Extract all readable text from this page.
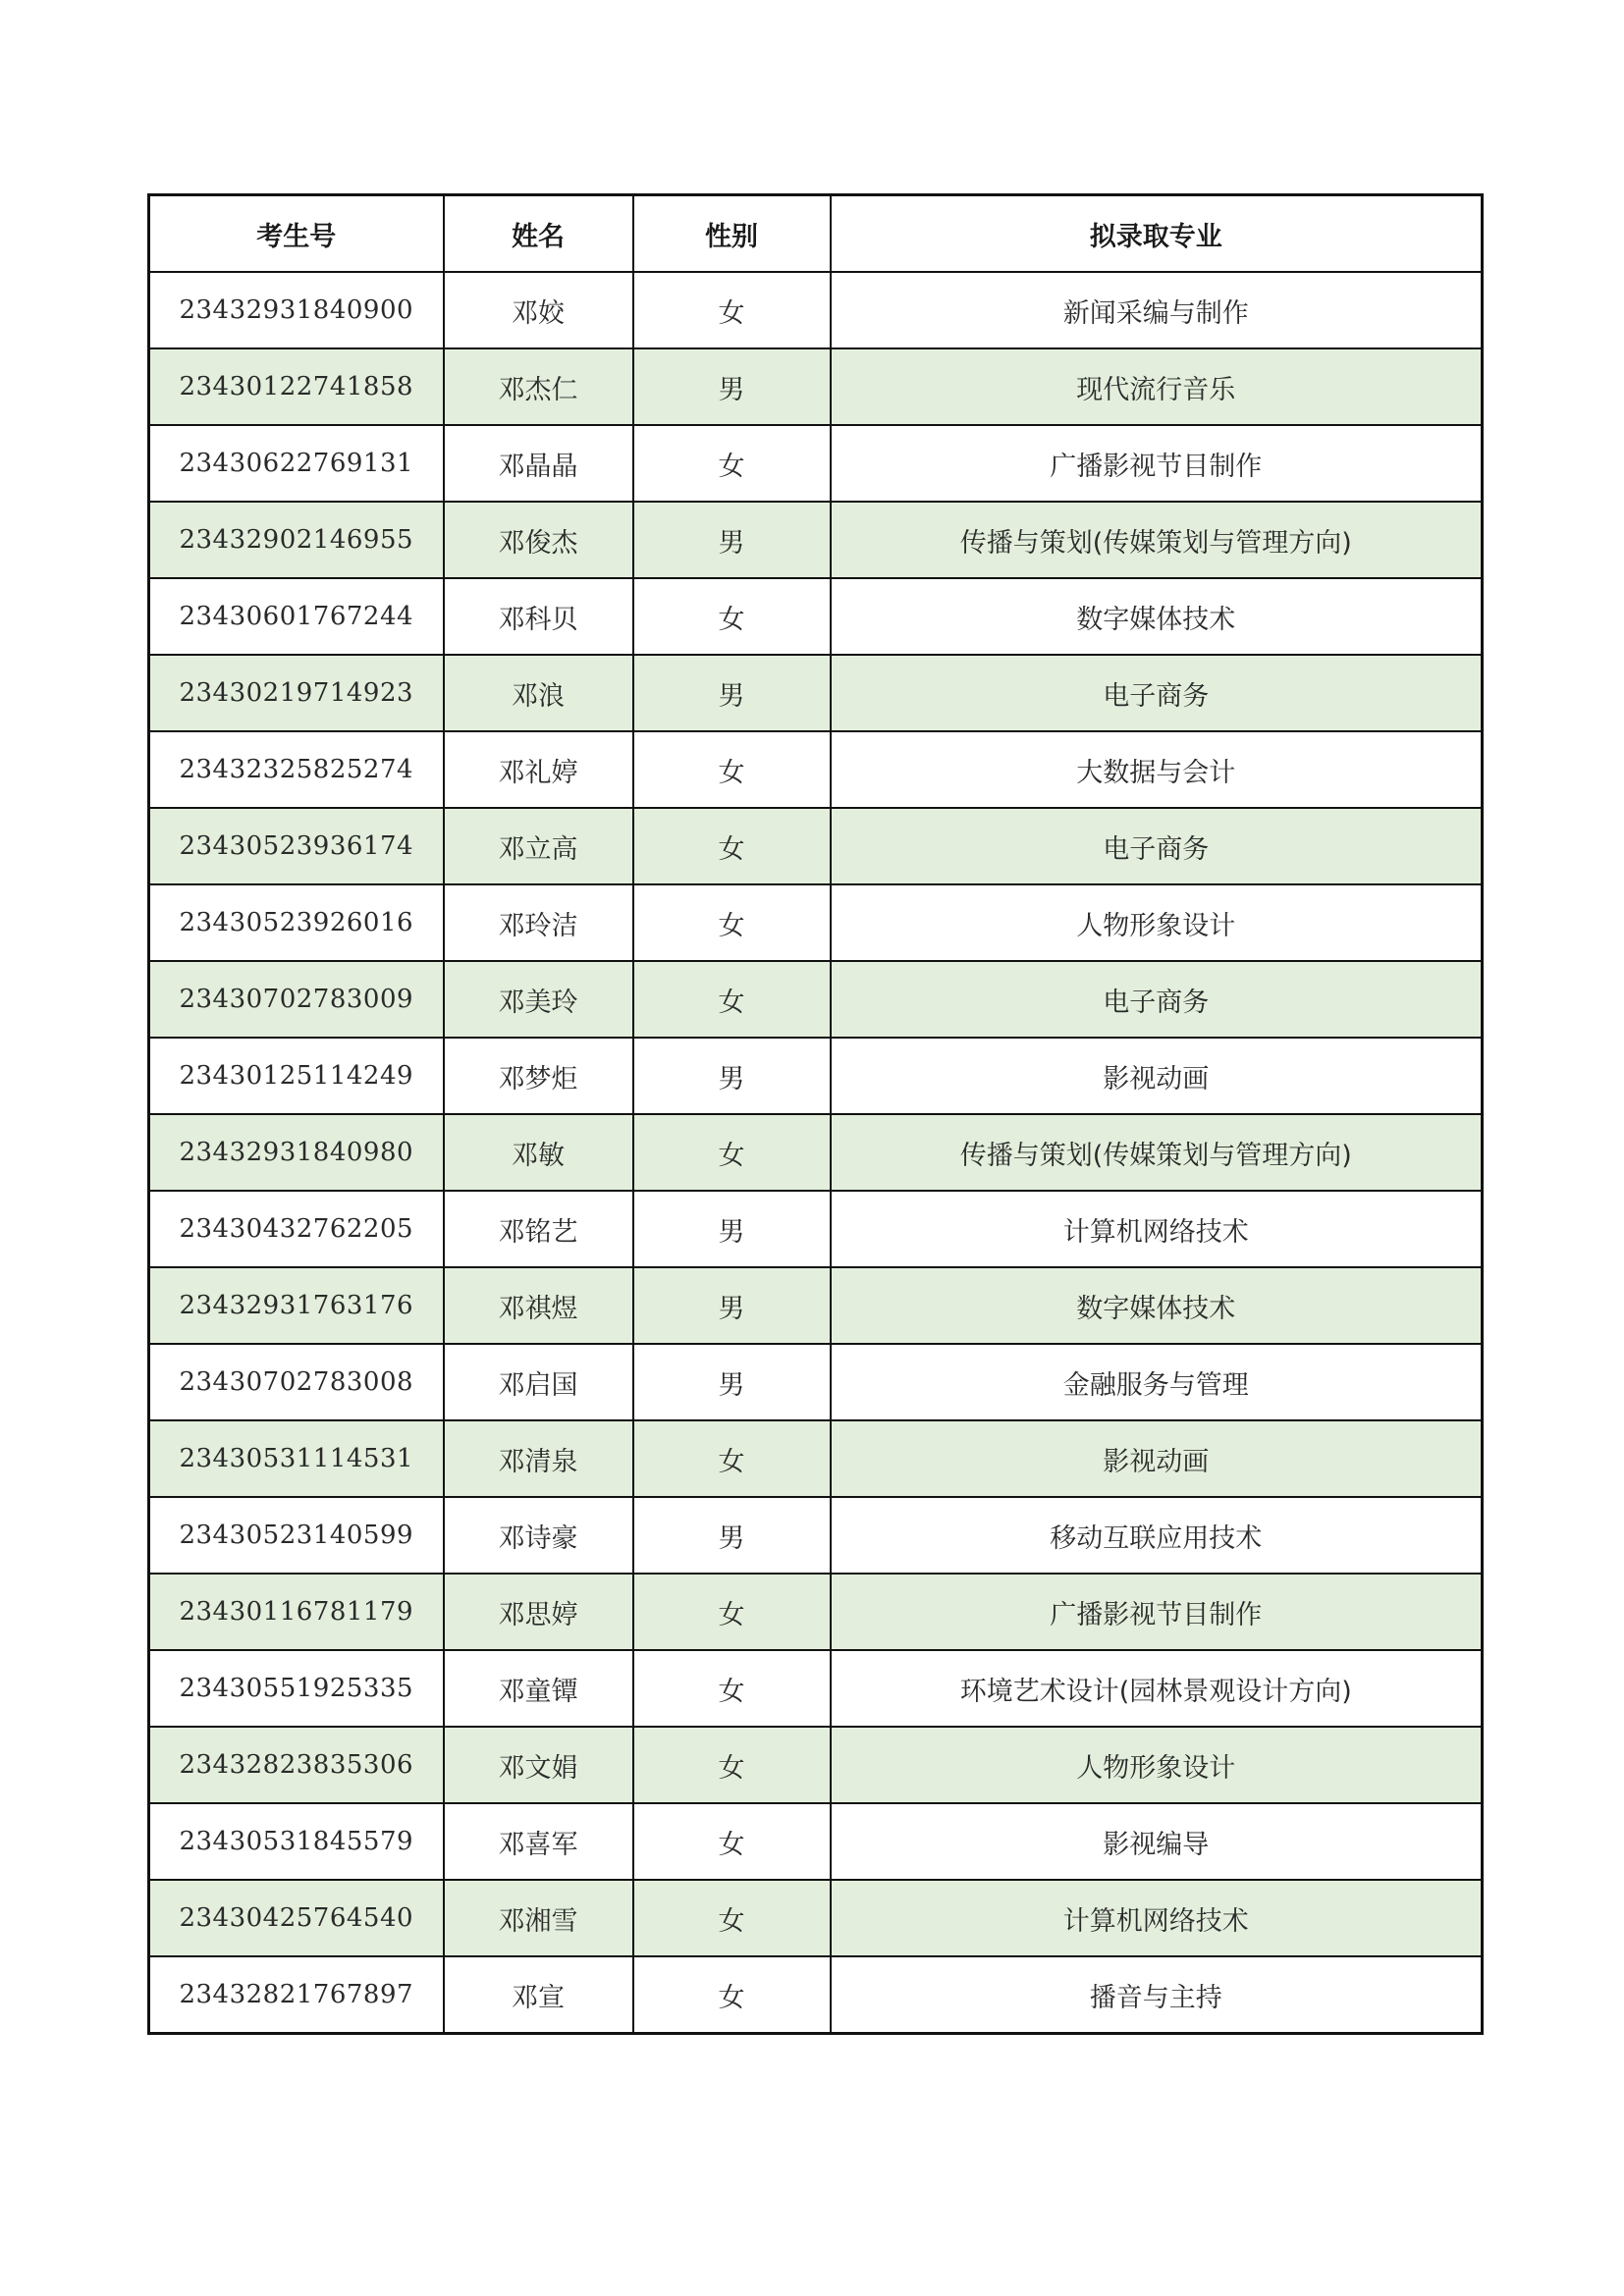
考生号	姓名	性别	拟录取专业
23432931840900	邓姣	女	新闻采编与制作
23430122741858	邓杰仁	男	现代流行音乐
23430622769131	邓晶晶	女	广播影视节目制作
23432902146955	邓俊杰	男	传播与策划(传媒策划与管理方向)
23430601767244	邓科贝	女	数字媒体技术
23430219714923	邓浪	男	电子商务
23432325825274	邓礼婷	女	大数据与会计
23430523936174	邓立高	女	电子商务
23430523926016	邓玲洁	女	人物形象设计
23430702783009	邓美玲	女	电子商务
23430125114249	邓梦炬	男	影视动画
23432931840980	邓敏	女	传播与策划(传媒策划与管理方向)
23430432762205	邓铭艺	男	计算机网络技术
23432931763176	邓祺煜	男	数字媒体技术
23430702783008	邓启国	男	金融服务与管理
23430531114531	邓清泉	女	影视动画
23430523140599	邓诗豪	男	移动互联应用技术
23430116781179	邓思婷	女	广播影视节目制作
23430551925335	邓童镡	女	环境艺术设计(园林景观设计方向)
23432823835306	邓文娟	女	人物形象设计
23430531845579	邓喜军	女	影视编导
23430425764540	邓湘雪	女	计算机网络技术
23432821767897	邓宣	女	播音与主持
